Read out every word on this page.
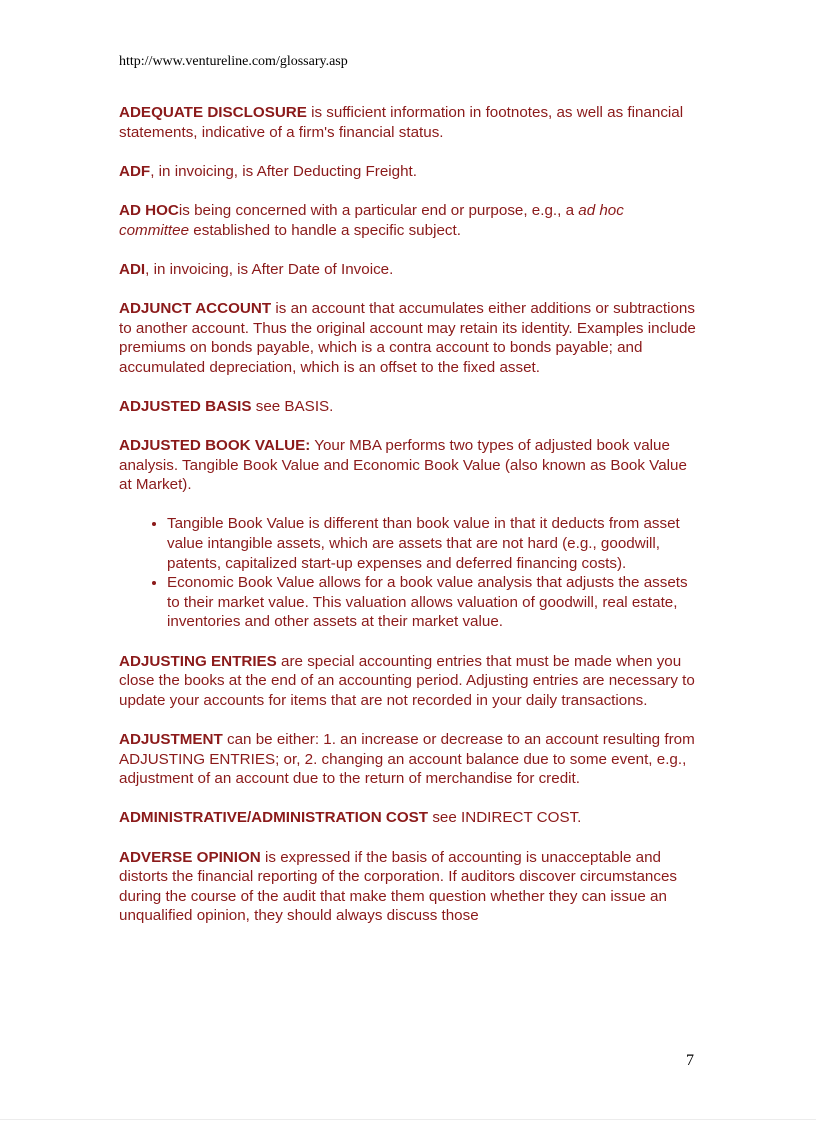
http://www.ventureline.com/glossary.asp

ADEQUATE DISCLOSURE is sufficient information in footnotes, as well as financial statements, indicative of a firm's financial status.

ADF, in invoicing, is After Deducting Freight.

AD HOCis being concerned with a particular end or purpose, e.g., a ad hoc committee established to handle a specific subject.

ADI, in invoicing, is After Date of Invoice.

ADJUNCT ACCOUNT is an account that accumulates either additions or subtractions to another account. Thus the original account may retain its identity. Examples include premiums on bonds payable, which is a contra account to bonds payable; and accumulated depreciation, which is an offset to the fixed asset.

ADJUSTED BASIS see BASIS.

ADJUSTED BOOK VALUE: Your MBA performs two types of adjusted book value analysis. Tangible Book Value and Economic Book Value (also known as Book Value at Market).

• Tangible Book Value is different than book value in that it deducts from asset value intangible assets, which are assets that are not hard (e.g., goodwill, patents, capitalized start-up expenses and deferred financing costs).
• Economic Book Value allows for a book value analysis that adjusts the assets to their market value. This valuation allows valuation of goodwill, real estate, inventories and other assets at their market value.

ADJUSTING ENTRIES are special accounting entries that must be made when you close the books at the end of an accounting period. Adjusting entries are necessary to update your accounts for items that are not recorded in your daily transactions.

ADJUSTMENT can be either: 1. an increase or decrease to an account resulting from ADJUSTING ENTRIES; or, 2. changing an account balance due to some event, e.g., adjustment of an account due to the return of merchandise for credit.

ADMINISTRATIVE/ADMINISTRATION COST see INDIRECT COST.

ADVERSE OPINION is expressed if the basis of accounting is unacceptable and distorts the financial reporting of the corporation. If auditors discover circumstances during the course of the audit that make them question whether they can issue an unqualified opinion, they should always discuss those

7
